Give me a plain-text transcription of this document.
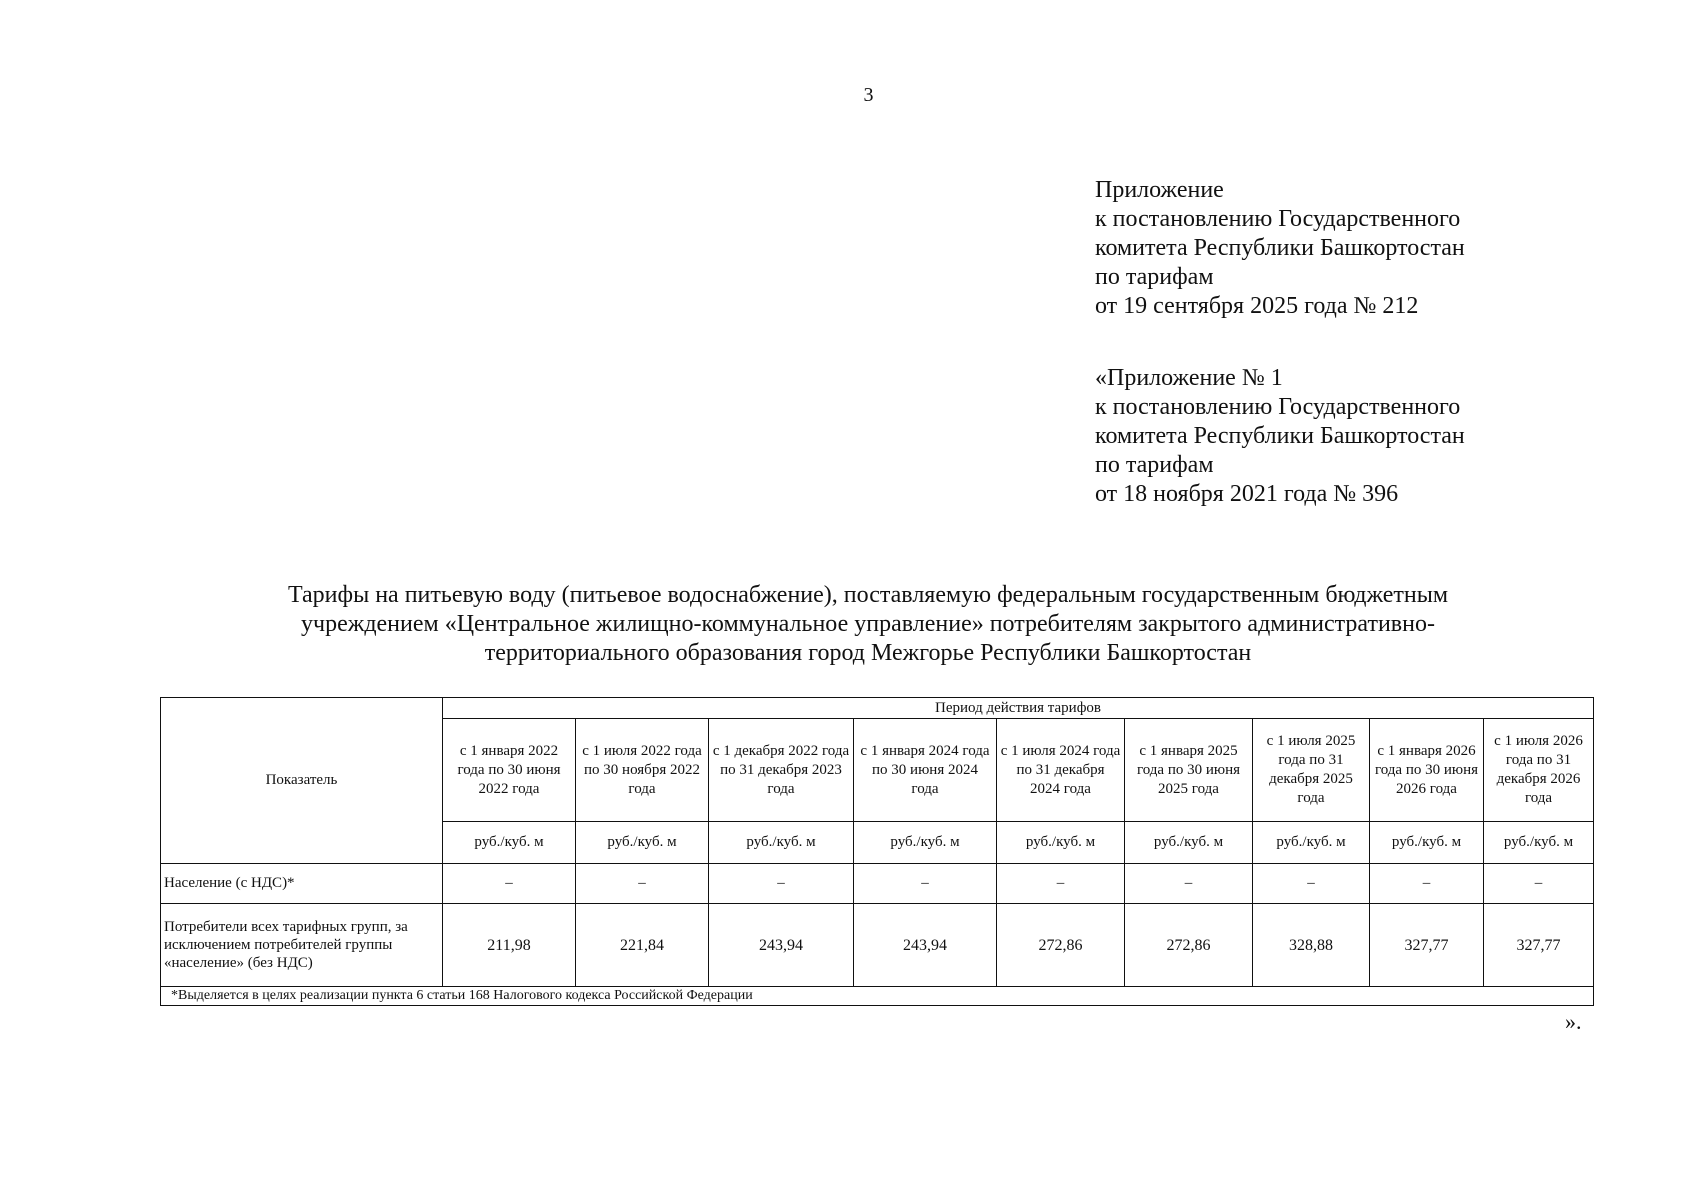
3
Приложение
к постановлению Государственного
комитета Республики Башкортостан
по тарифам
от 19 сентября 2025 года № 212
«Приложение № 1
к постановлению Государственного
комитета Республики Башкортостан
по тарифам
от 18 ноября 2021 года № 396
Тарифы на питьевую воду (питьевое водоснабжение), поставляемую федеральным государственным бюджетным
учреждением «Центральное жилищно-коммунальное управление» потребителям закрытого административно-
территориального образования город Межгорье Республики Башкортостан
Показатель	Период действия тарифов								
	с 1 января 2022 года по 30 июня 2022 года	с 1 июля 2022 года по 30 ноября 2022 года	с 1 декабря 2022 года по 31 декабря 2023 года	с 1 января 2024 года по 30 июня 2024 года	с 1 июля 2024 года по 31 декабря 2024 года	с 1 января 2025 года по 30 июня 2025 года	с 1 июля 2025 года по 31 декабря 2025 года	с 1 января 2026 года по 30 июня 2026 года	с 1 июля 2026 года по 31 декабря 2026 года
	руб./куб. м	руб./куб. м	руб./куб. м	руб./куб. м	руб./куб. м	руб./куб. м	руб./куб. м	руб./куб. м	руб./куб. м
Население (с НДС)*	–	–	–	–	–	–	–	–	–
Потребители всех тарифных групп, за исключением потребителей группы «население» (без НДС)	211,98	221,84	243,94	243,94	272,86	272,86	328,88	327,77	327,77
*Выделяется в целях реализации пункта 6 статьи 168 Налогового кодекса Российской Федерации									
».
